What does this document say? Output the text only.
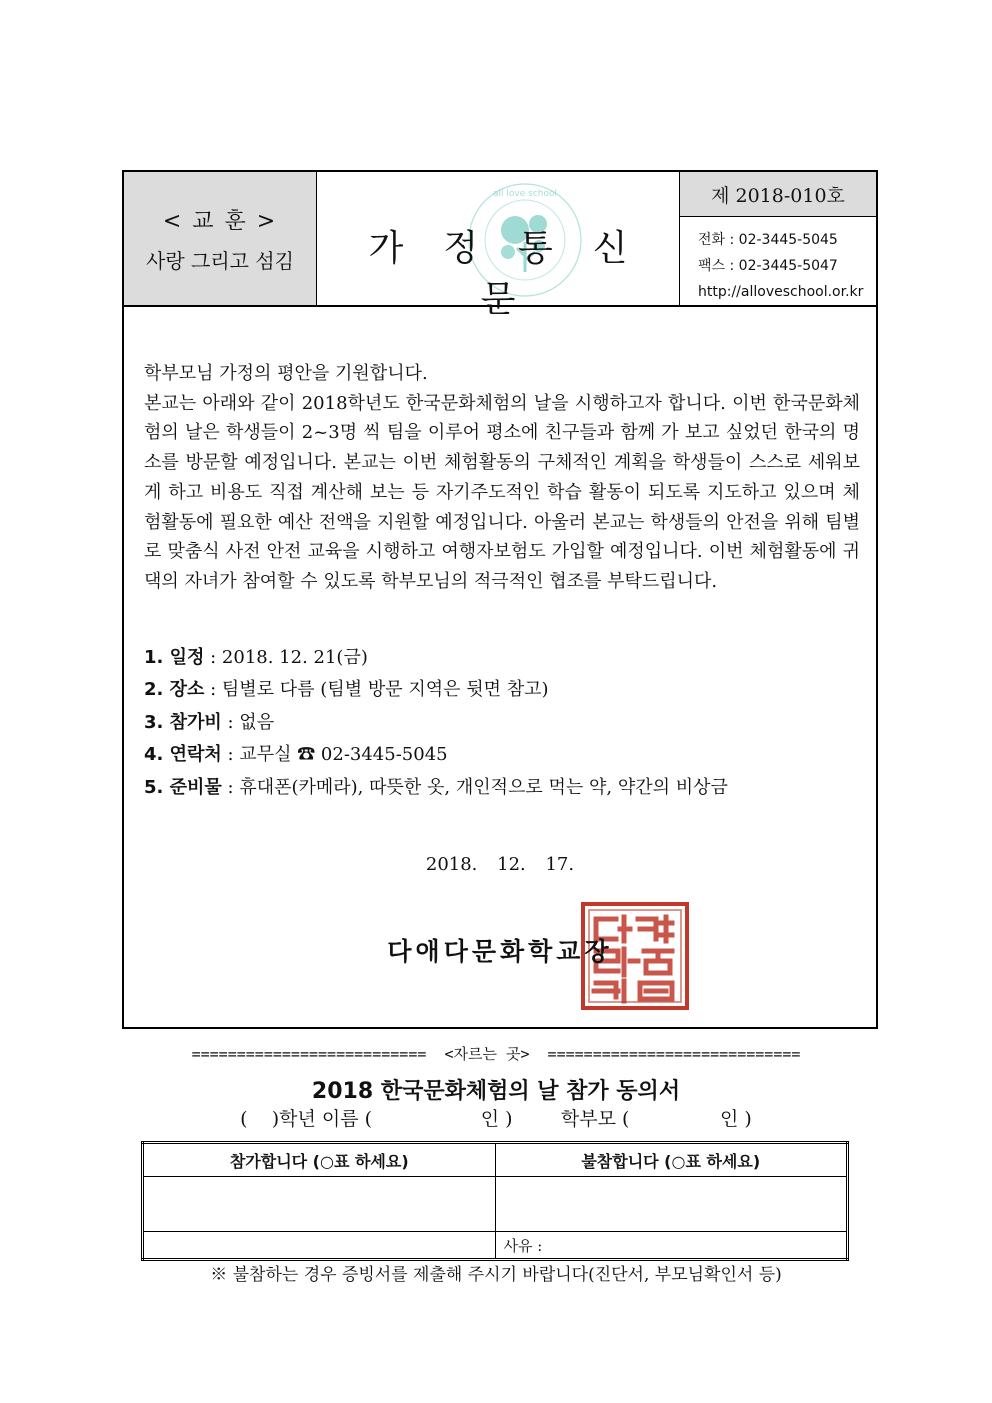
< 교 훈 >
사랑 그리고 섬김
all love school
가정통신문
제 2018-010호
전화 : 02-3445-5045
팩스 : 02-3445-5047
http://alloveschool.or.kr

학부모님 가정의 평안을 기원합니다.

본교는 아래와 같이 2018학년도 한국문화체험의 날을 시행하고자 합니다. 이번 한국문화체험의 날은 학생들이 2~3명 씩 팀을 이루어 평소에 친구들과 함께 가 보고 싶었던 한국의 명소를 방문할 예정입니다. 본교는 이번 체험활동의 구체적인 계획을 학생들이 스스로 세워보게 하고 비용도 직접 계산해 보는 등 자기주도적인 학습 활동이 되도록 지도하고 있으며 체험활동에 필요한 예산 전액을 지원할 예정입니다. 아울러 본교는 학생들의 안전을 위해 팀별로 맞춤식 사전 안전 교육을 시행하고 여행자보험도 가입할 예정입니다. 이번 체험활동에 귀댁의 자녀가 참여할 수 있도록 학부모님의 적극적인 협조를 부탁드립니다.

1. 일정 : 2018. 12. 21(금)
2. 장소 : 팀별로 다름 (팀별 방문 지역은 뒷면 참고)
3. 참가비 : 없음
4. 연락처 : 교무실 ☎ 02-3445-5045
5. 준비물 : 휴대폰(카메라), 따뜻한 옷, 개인적으로 먹는 약, 약간의 비상금
2018. 12. 17.
다애다문화학교장
==========================  <자르는 곳>  ============================
2018 한국문화체험의 날 참가 동의서
(    )학년 이름 (                  인 )        학부모 (               인 )
참가합니다 (○표 하세요)	불참합니다 (○표 하세요)

	사유 :
※ 불참하는 경우 증빙서를 제출해 주시기 바랍니다(진단서, 부모님확인서 등)
